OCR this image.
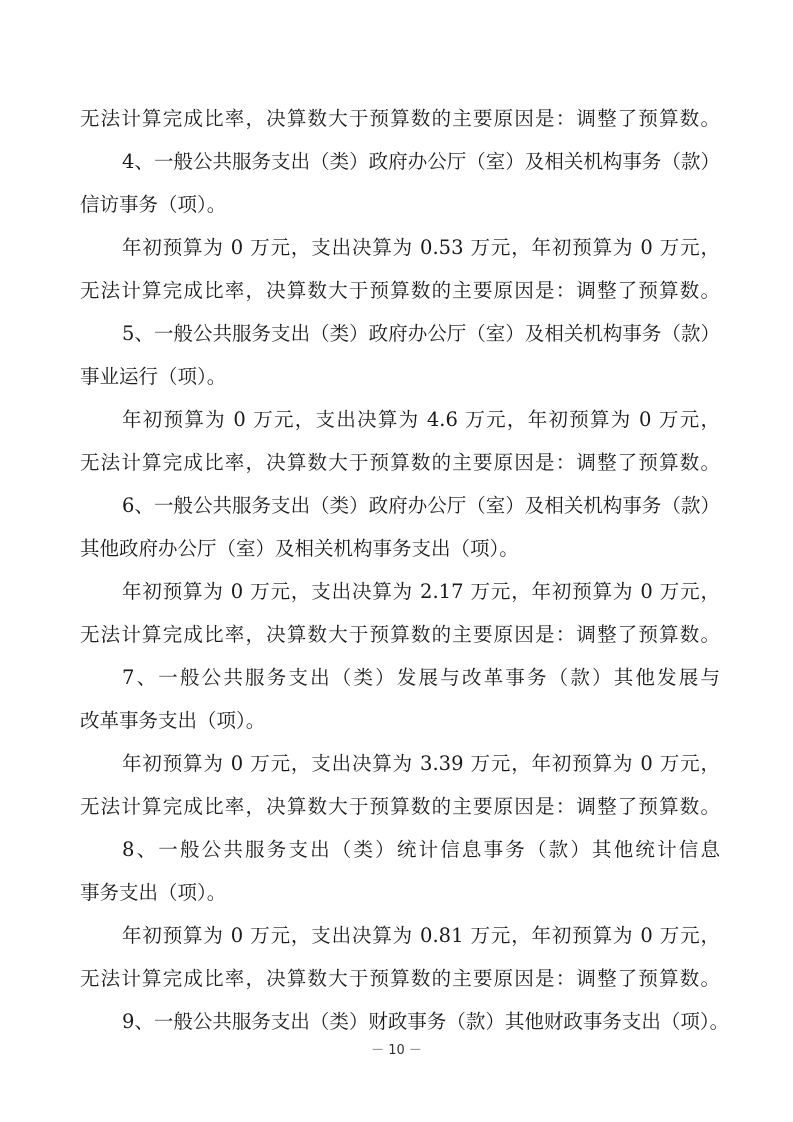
无法计算完成比率，决算数大于预算数的主要原因是：调整了预算数。
4、一般公共服务支出（类）政府办公厅（室）及相关机构事务（款）
信访事务（项）。
年初预算为 0 万元，支出决算为 0.53 万元，年初预算为 0 万元，
无法计算完成比率，决算数大于预算数的主要原因是：调整了预算数。
5、一般公共服务支出（类）政府办公厅（室）及相关机构事务（款）
事业运行（项）。
年初预算为 0 万元，支出决算为 4.6 万元，年初预算为 0 万元，
无法计算完成比率，决算数大于预算数的主要原因是：调整了预算数。
6、一般公共服务支出（类）政府办公厅（室）及相关机构事务（款）
其他政府办公厅（室）及相关机构事务支出（项）。
年初预算为 0 万元，支出决算为 2.17 万元，年初预算为 0 万元，
无法计算完成比率，决算数大于预算数的主要原因是：调整了预算数。
7、一般公共服务支出（类）发展与改革事务（款）其他发展与
改革事务支出（项）。
年初预算为 0 万元，支出决算为 3.39 万元，年初预算为 0 万元，
无法计算完成比率，决算数大于预算数的主要原因是：调整了预算数。
8、一般公共服务支出（类）统计信息事务（款）其他统计信息
事务支出（项）。
年初预算为 0 万元，支出决算为 0.81 万元，年初预算为 0 万元，
无法计算完成比率，决算数大于预算数的主要原因是：调整了预算数。
9、一般公共服务支出（类）财政事务（款）其他财政事务支出（项）。
－ 10 －
